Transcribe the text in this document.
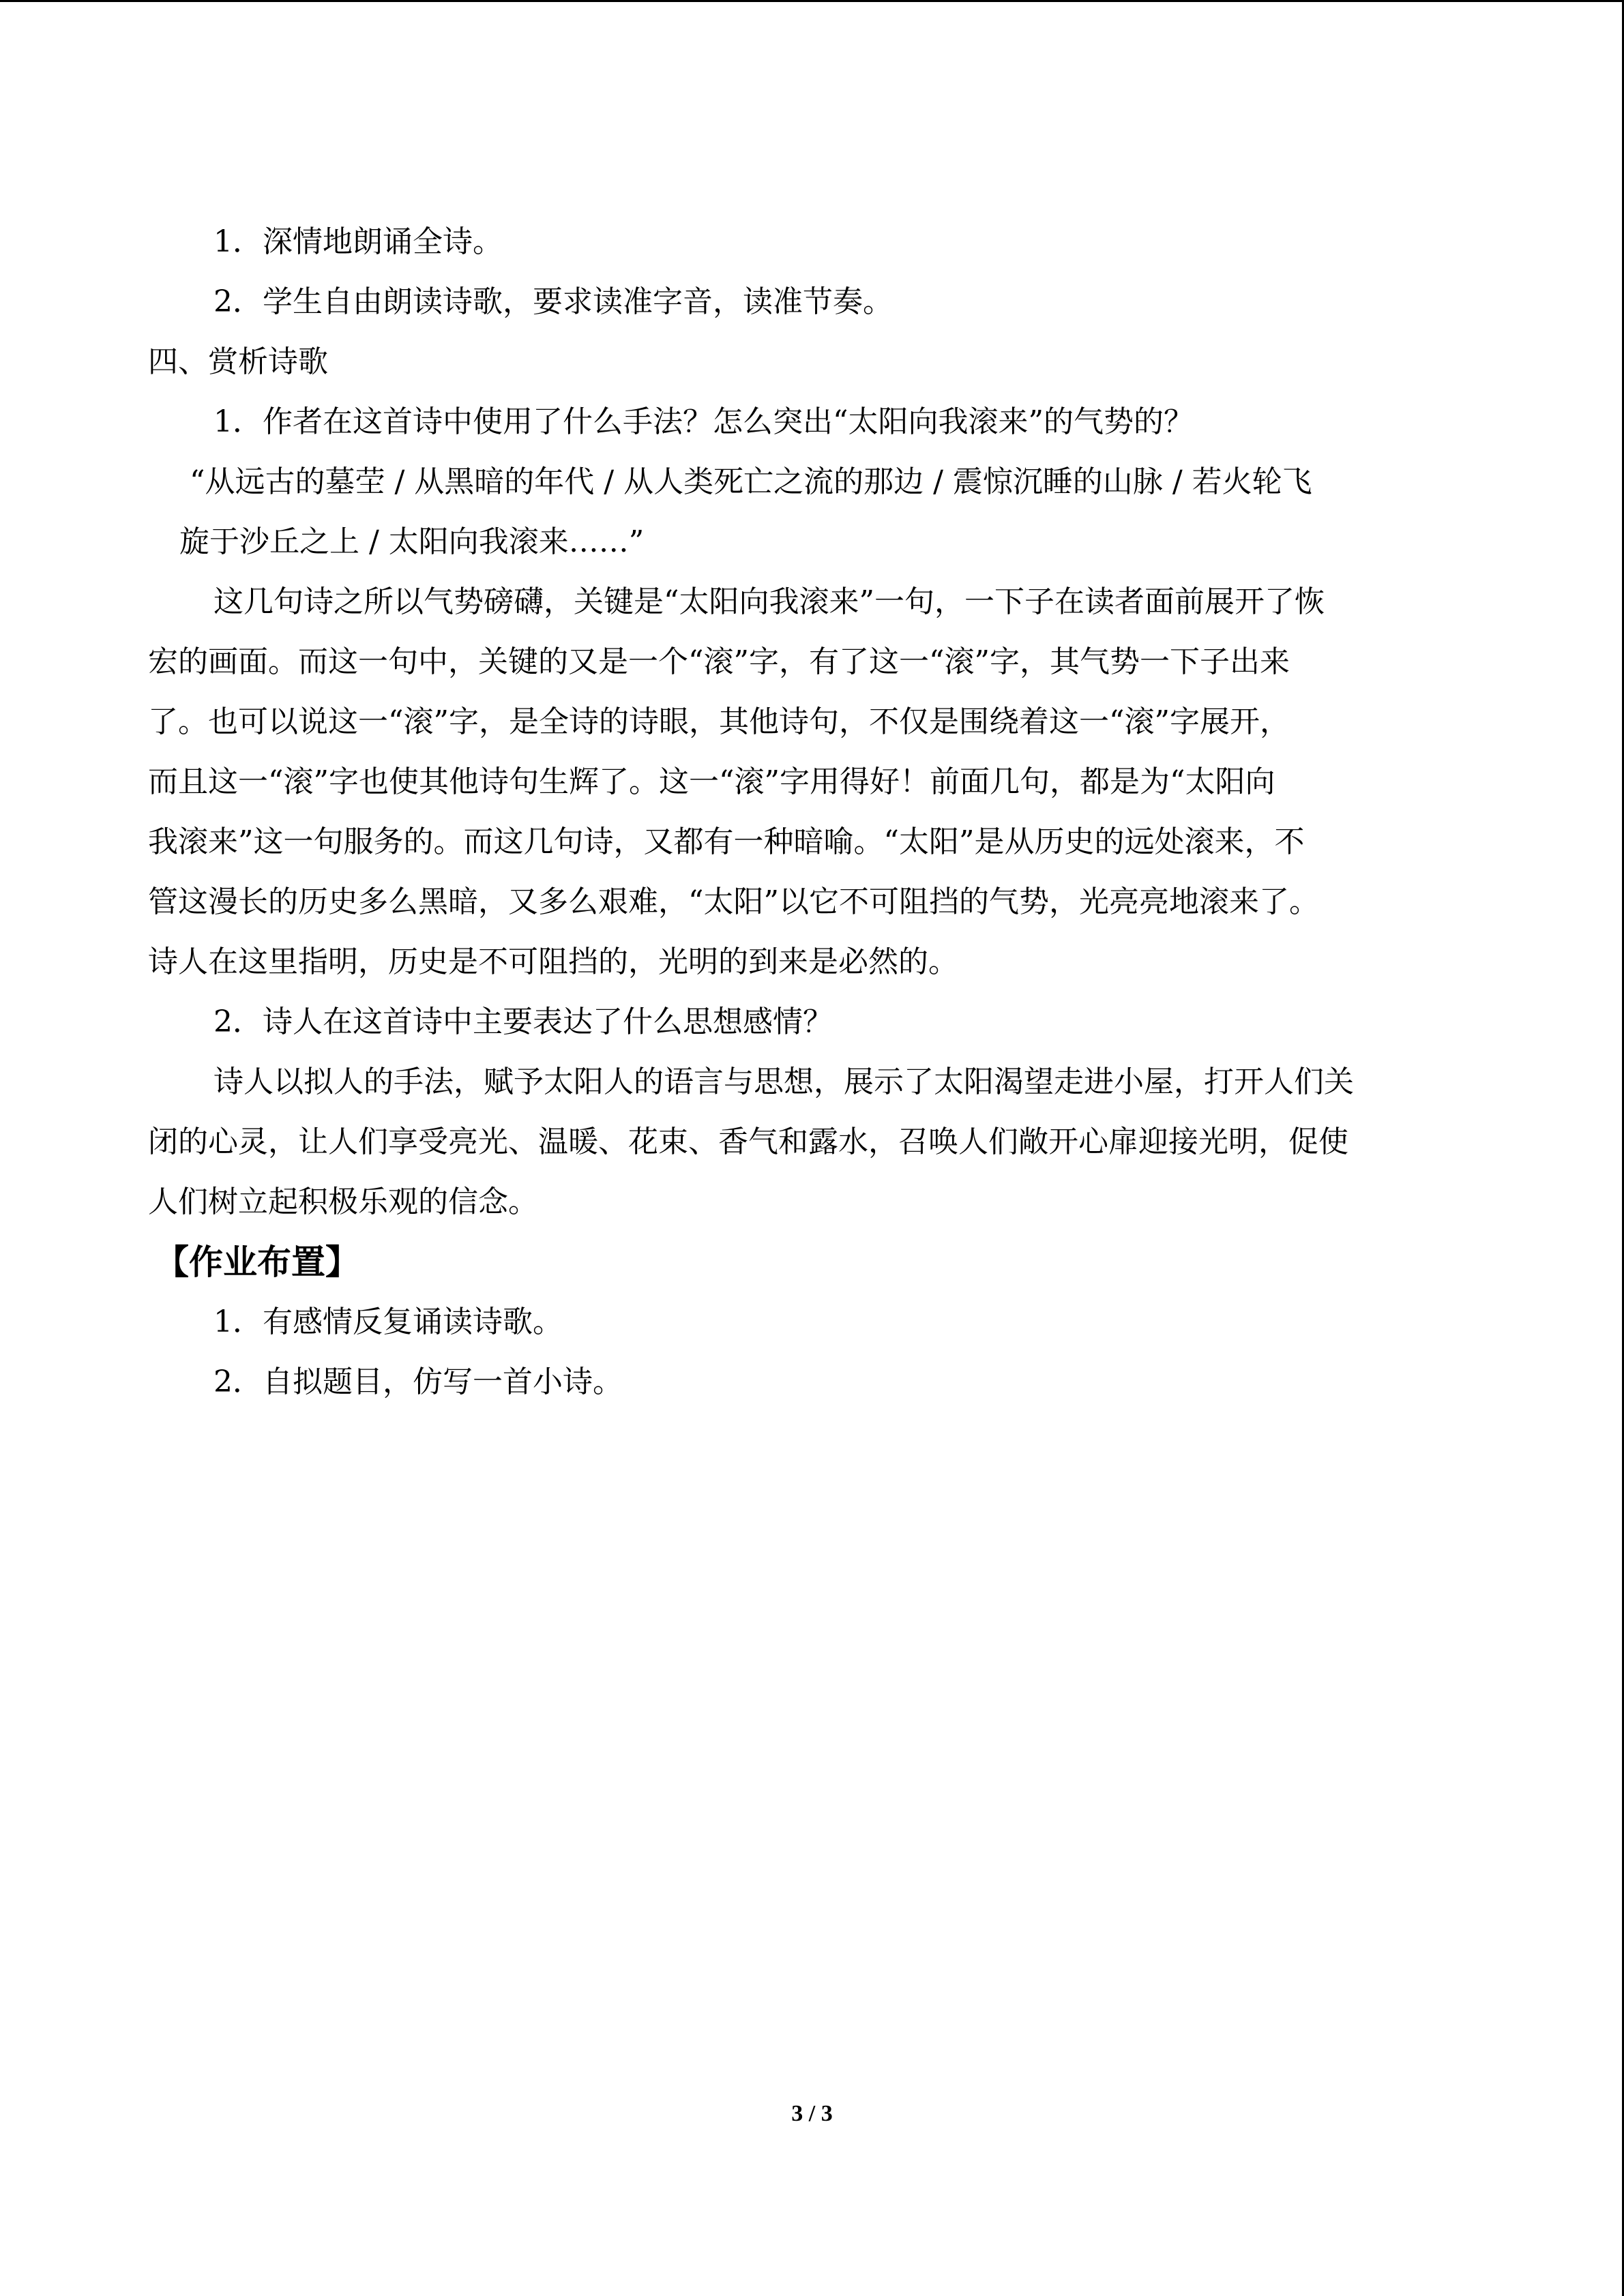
1．深情地朗诵全诗。
2．学生自由朗读诗歌，要求读准字音，读准节奏。
四、赏析诗歌
1．作者在这首诗中使用了什么手法？怎么突出“太阳向我滚来”的气势的？
“从远古的墓茔 / 从黑暗的年代 / 从人类死亡之流的那边 / 震惊沉睡的山脉 / 若火轮飞
旋于沙丘之上 / 太阳向我滚来……”
这几句诗之所以气势磅礴，关键是“太阳向我滚来”一句，一下子在读者面前展开了恢
宏的画面。而这一句中，关键的又是一个“滚”字，有了这一“滚”字，其气势一下子出来
了。也可以说这一“滚”字，是全诗的诗眼，其他诗句，不仅是围绕着这一“滚”字展开，
而且这一“滚”字也使其他诗句生辉了。这一“滚”字用得好！前面几句，都是为“太阳向
我滚来”这一句服务的。而这几句诗，又都有一种暗喻。“太阳”是从历史的远处滚来，不
管这漫长的历史多么黑暗，又多么艰难，“太阳”以它不可阻挡的气势，光亮亮地滚来了。
诗人在这里指明，历史是不可阻挡的，光明的到来是必然的。
2．诗人在这首诗中主要表达了什么思想感情？
诗人以拟人的手法，赋予太阳人的语言与思想，展示了太阳渴望走进小屋，打开人们关
闭的心灵，让人们享受亮光、温暖、花束、香气和露水，召唤人们敞开心扉迎接光明，促使
人们树立起积极乐观的信念。
【作业布置】
1．有感情反复诵读诗歌。
2．自拟题目，仿写一首小诗。
3 / 3
